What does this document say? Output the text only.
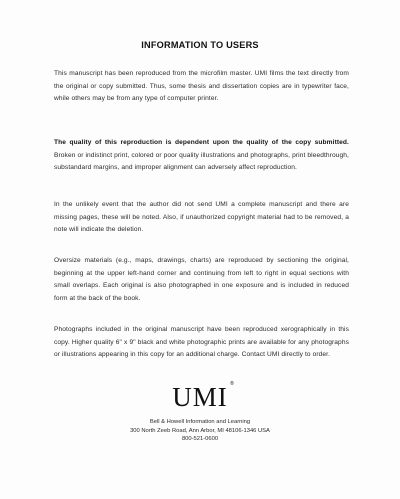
INFORMATION TO USERS

This manuscript has been reproduced from the microfilm master. UMI films the text directly from the original or copy submitted. Thus, some thesis and dissertation copies are in typewriter face, while others may be from any type of computer printer.

The quality of this reproduction is dependent upon the quality of the copy submitted. Broken or indistinct print, colored or poor quality illustrations and photographs, print bleedthrough, substandard margins, and improper alignment can adversely affect reproduction.

In the unlikely event that the author did not send UMI a complete manuscript and there are missing pages, these will be noted. Also, if unauthorized copyright material had to be removed, a note will indicate the deletion.

Oversize materials (e.g., maps, drawings, charts) are reproduced by sectioning the original, beginning at the upper left-hand corner and continuing from left to right in equal sections with small overlaps. Each original is also photographed in one exposure and is included in reduced form at the back of the book.

Photographs included in the original manuscript have been reproduced xerographically in this copy. Higher quality 6" x 9" black and white photographic prints are available for any photographs or illustrations appearing in this copy for an additional charge. Contact UMI directly to order.

UMI ®
Bell & Howell Information and Learning
300 North Zeeb Road, Ann Arbor, MI 48106-1346 USA
800-521-0600
